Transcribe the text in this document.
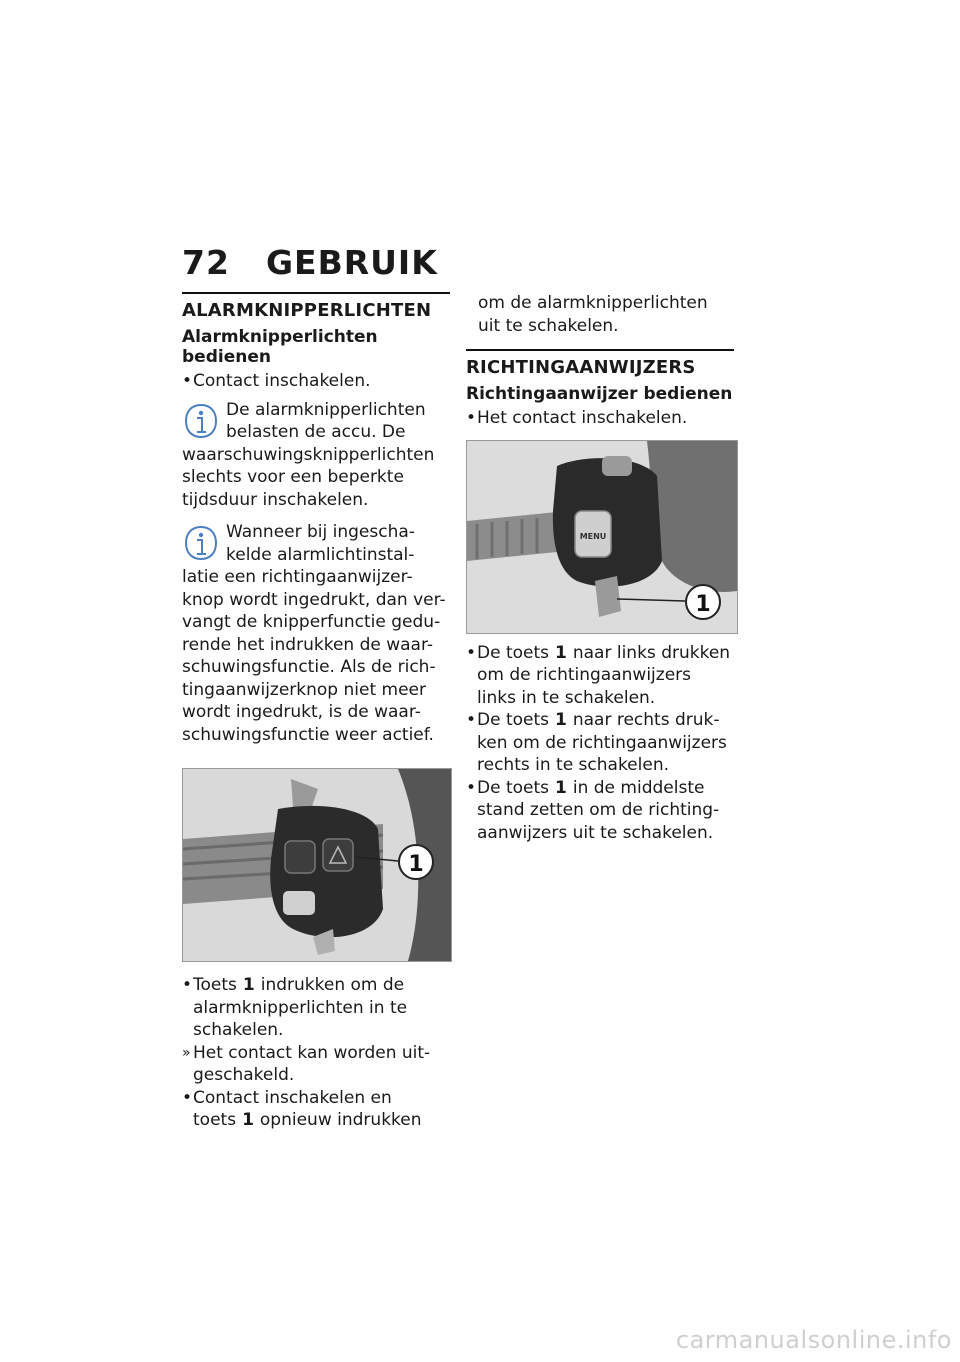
72 GEBRUIK
ALARMKNIPPERLICHTEN
Alarmknipperlichten bedienen
• Contact inschakelen.

De alarmknipperlichten belasten de accu. De waarschuwingsknipperlichten slechts voor een beperkte tijdsduur inschakelen.

Wanneer bij ingescha-kelde alarmlichtinstal-latie een richtingaanwijzer-knop wordt ingedrukt, dan ver-vangt de knipperfunctie gedu-rende het indrukken de waar-schuwingsfunctie. Als de rich-tingaanwijzerknop niet meer wordt ingedrukt, is de waar-schuwingsfunctie weer actief.

1
• Toets 1 indrukken om de alarmknipperlichten in te schakelen.
» Het contact kan worden uit-geschakeld.
• Contact inschakelen en toets 1 opnieuw indrukken

om de alarmknipperlichten uit te schakelen.

RICHTINGAANWIJZERS
Richtingaanwijzer bedienen
• Het contact inschakelen.
MENU
1
• De toets 1 naar links drukken om de richtingaanwijzers links in te schakelen.
• De toets 1 naar rechts druk-ken om de richtingaanwijzers rechts in te schakelen.
• De toets 1 in de middelste stand zetten om de richting-aanwijzers uit te schakelen.
carmanualsonline.info
